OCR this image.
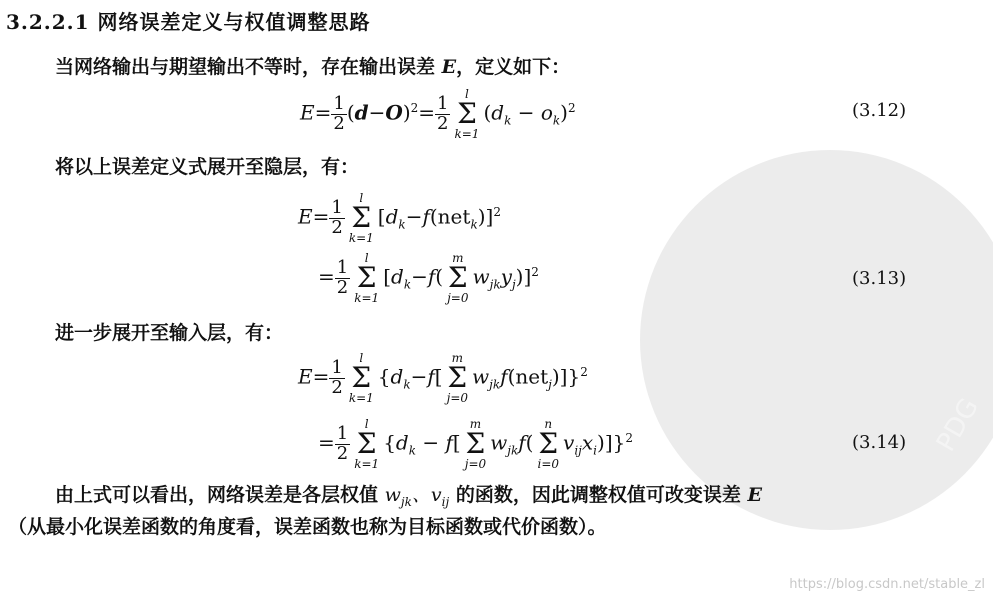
PDG
3.2.2.1 网络误差定义与权值调整思路
当网络输出与期望输出不等时，存在输出误差 E，定义如下：
$E= \frac{1}{2} (d-O)^2= \frac{1}{2}$
l
Σ
k=1
$(d_k - o_k)^2$	(3.12)
将以上误差定义式展开至隐层，有：
$E= \frac{1}{2}$
l
Σ
k=1
$[d_k-f(net_k)]^2$
= $\frac{1}{2}$
l
Σ
k=1
[$d_k-f$(
m
Σ
j=0
$w_{jk}y_j)]^2$	(3.13)
进一步展开至输入层，有：
$E= \frac{1}{2}$
l
Σ
k=1
{$d_k-f$[
m
Σ
j=0
$w_{jk}f(net_j)]\}^2$
= $\frac{1}{2}$
l
Σ
k=1
{$d_k - f$[
m
Σ
j=0
$w_{jk}f$(
n
Σ
i=0
$v_{ij}x_i)]\}^2$	(3.14)
由上式可以看出，网络误差是各层权值 $w_{jk}$、$v_{ij}$ 的函数，因此调整权值可改变误差 E
（从最小化误差函数的角度看，误差函数也称为目标函数或代价函数）。
https://blog.csdn.net/stable_zl
